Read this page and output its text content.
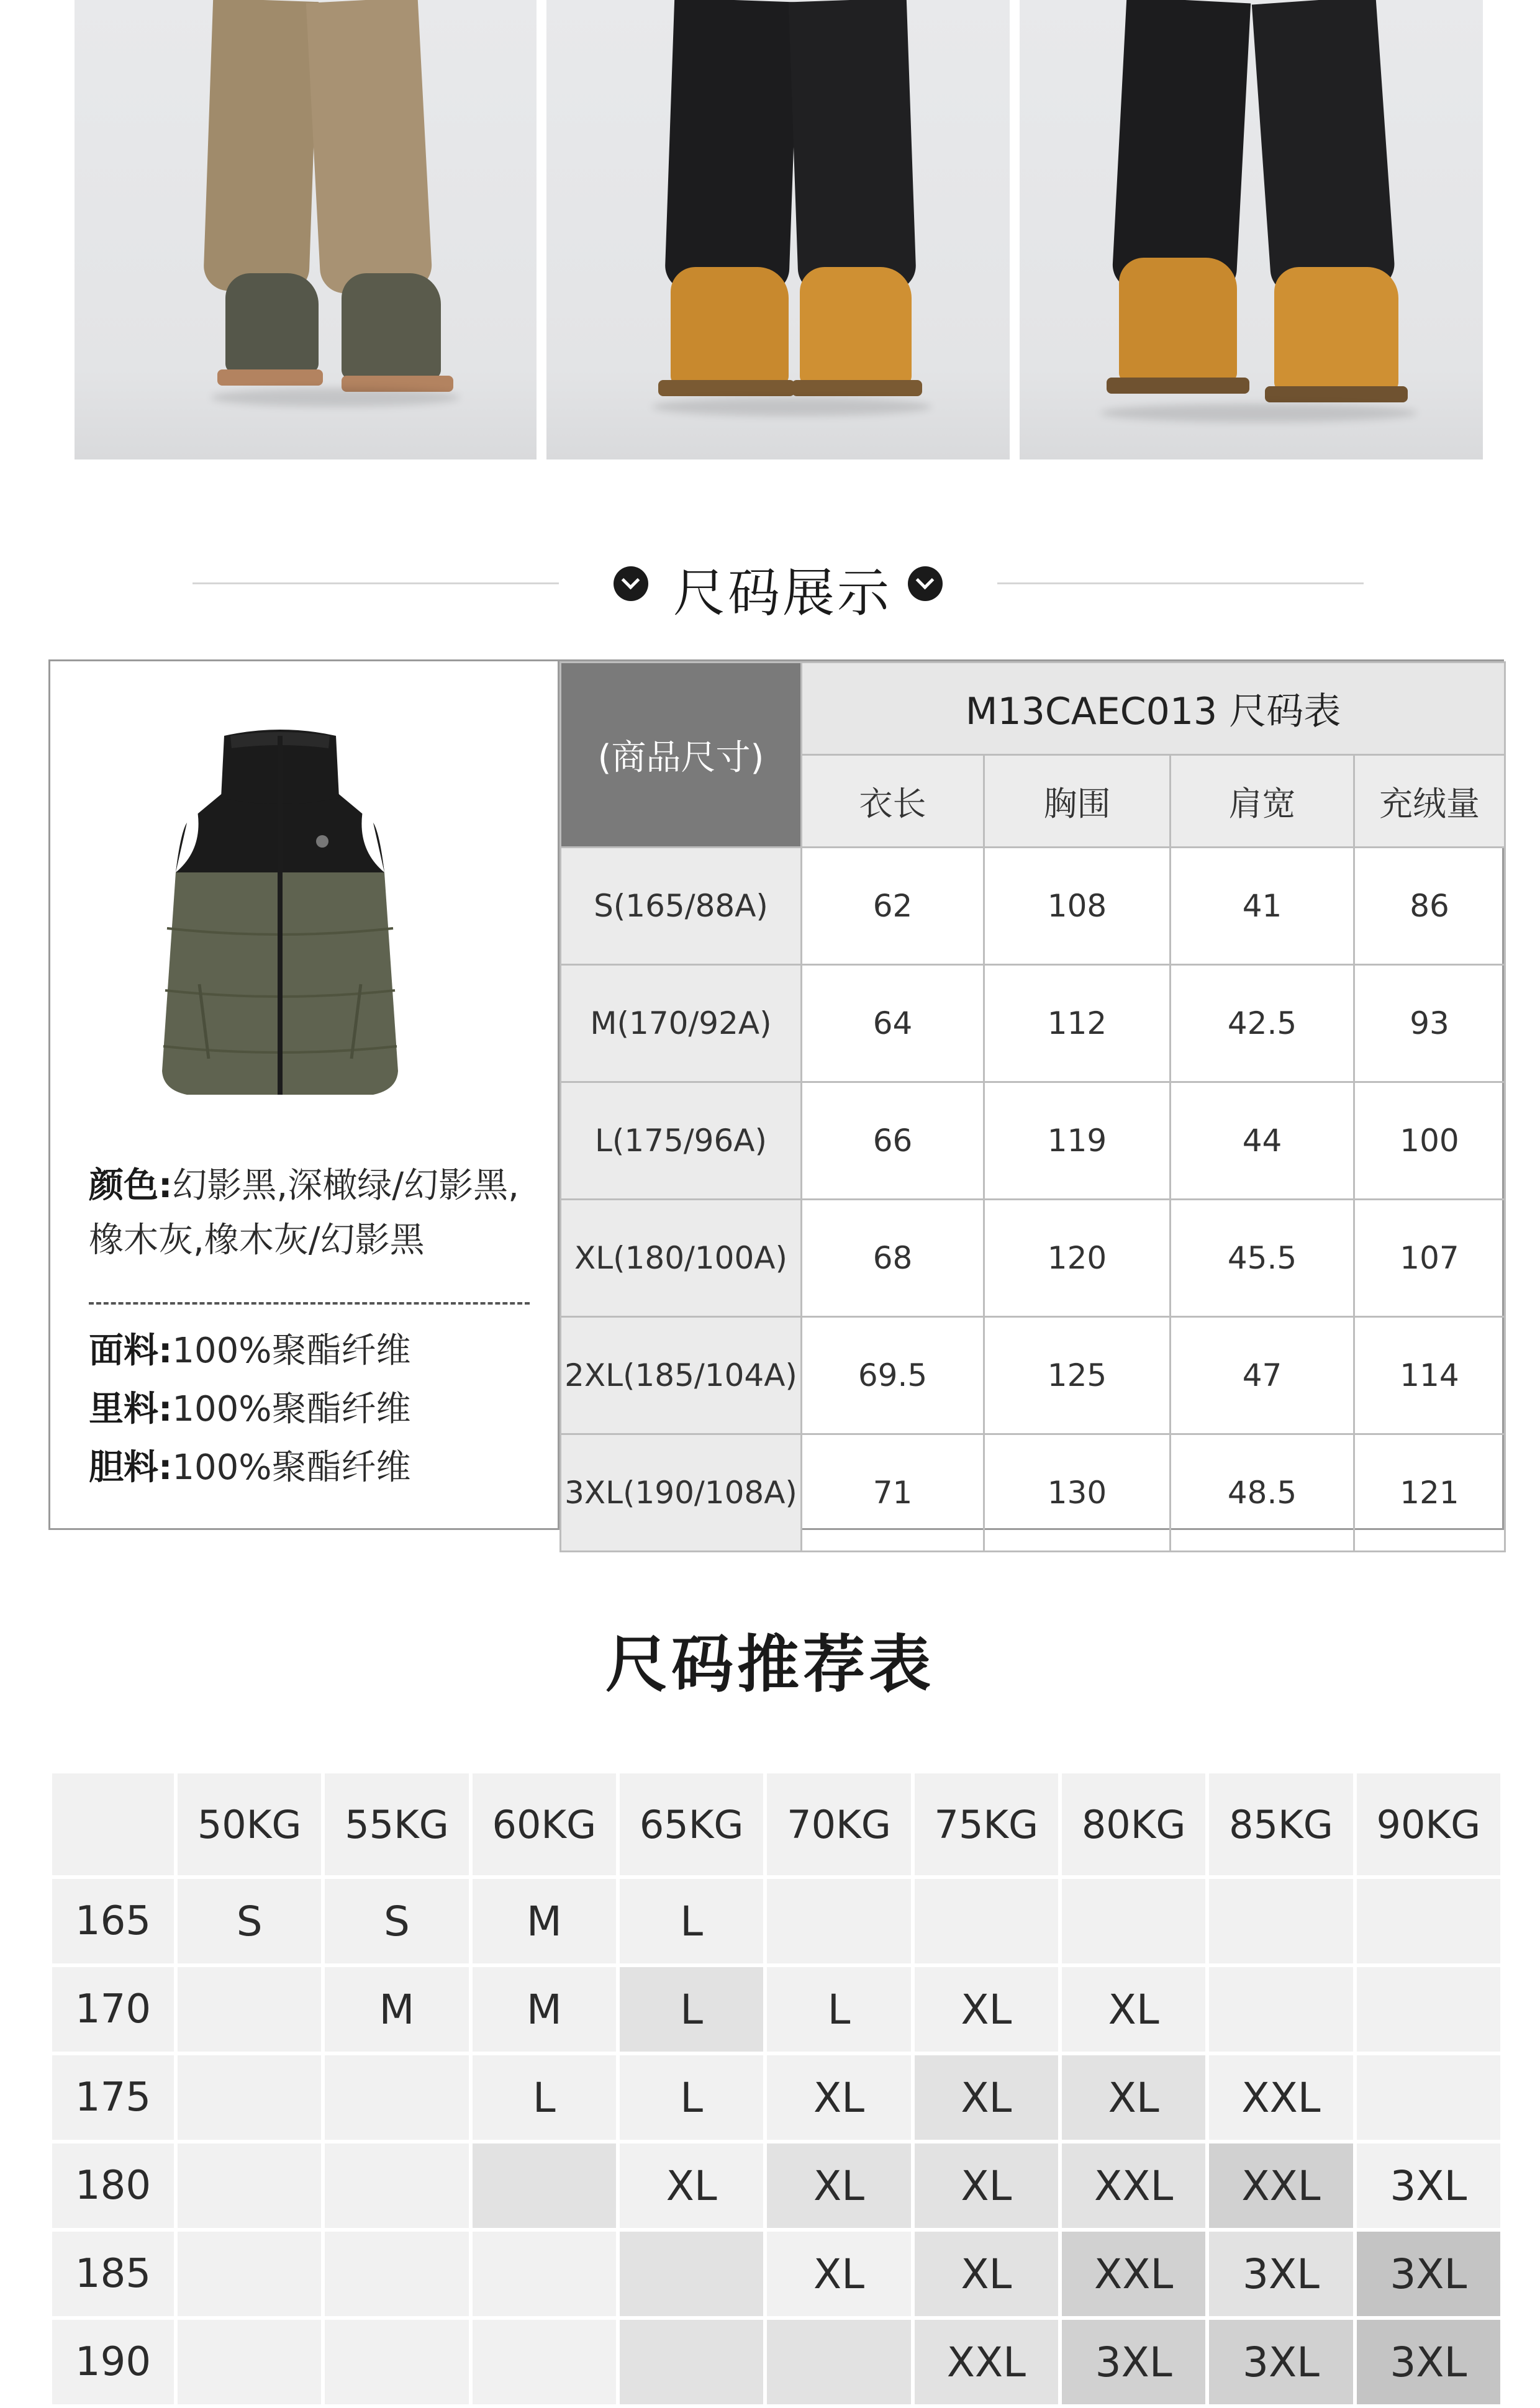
尺码展示
颜色:幻影黑,深橄绿/幻影黑,
橡木灰,橡木灰/幻影黑
面料:100%聚酯纤维
里料:100%聚酯纤维
胆料:100%聚酯纤维
(商品尺寸)	M13CAEC013 尺码表			
	衣长	胸围	肩宽	充绒量
S(165/88A)	62	108	41	86
M(170/92A)	64	112	42.5	93
L(175/96A)	66	119	44	100
XL(180/100A)	68	120	45.5	107
2XL(185/104A)	69.5	125	47	114
3XL(190/108A)	71	130	48.5	121
尺码推荐表
	50KG	55KG	60KG	65KG	70KG	75KG	80KG	85KG	90KG
165	S	S	M	L					
170		M	M	L	L	XL	XL		
175			L	L	XL	XL	XL	XXL	
180				XL	XL	XL	XXL	XXL	3XL
185					XL	XL	XXL	3XL	3XL
190						XXL	3XL	3XL	3XL
